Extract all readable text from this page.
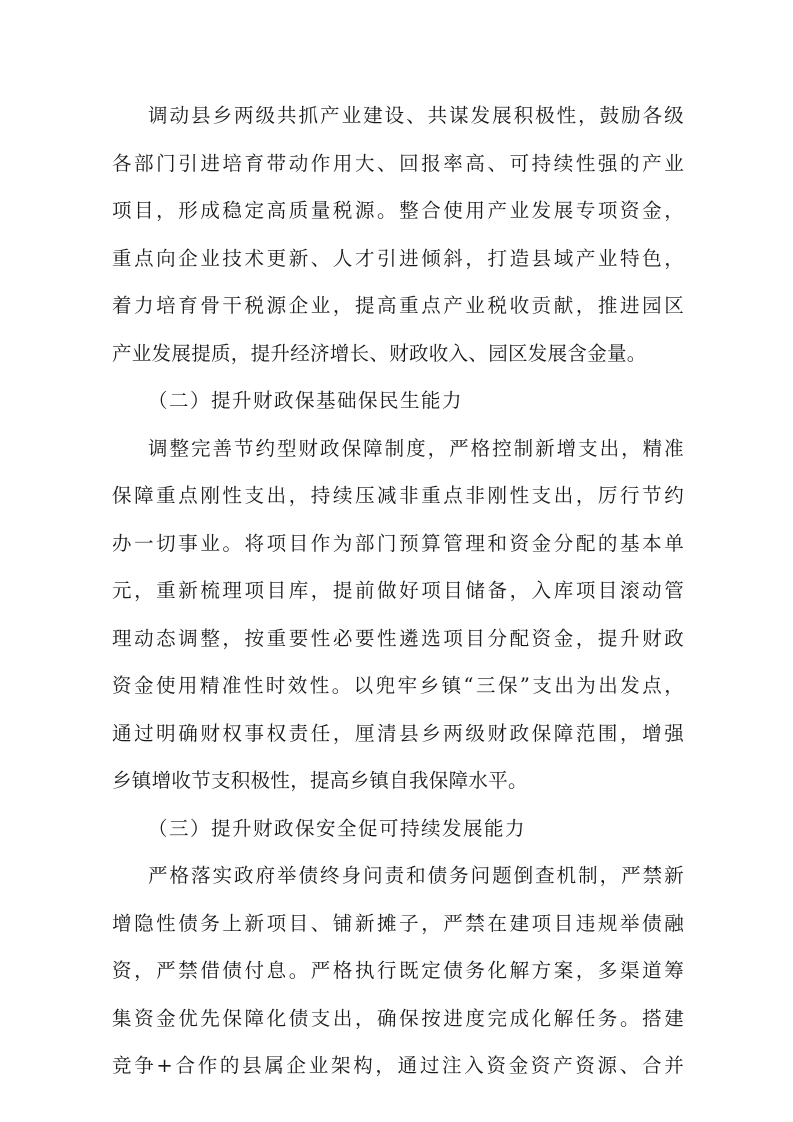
调动县乡两级共抓产业建设、共谋发展积极性，鼓励各级
各部门引进培育带动作用大、回报率高、可持续性强的产业
项目，形成稳定高质量税源。整合使用产业发展专项资金，
重点向企业技术更新、人才引进倾斜，打造县域产业特色，
着力培育骨干税源企业，提高重点产业税收贡献，推进园区
产业发展提质，提升经济增长、财政收入、园区发展含金量。
（二）提升财政保基础保民生能力
调整完善节约型财政保障制度，严格控制新增支出，精准
保障重点刚性支出，持续压减非重点非刚性支出，厉行节约
办一切事业。将项目作为部门预算管理和资金分配的基本单
元，重新梳理项目库，提前做好项目储备，入库项目滚动管
理动态调整，按重要性必要性遴选项目分配资金，提升财政
资金使用精准性时效性。以兜牢乡镇“三保”支出为出发点，
通过明确财权事权责任，厘清县乡两级财政保障范围，增强
乡镇增收节支积极性，提高乡镇自我保障水平。
（三）提升财政保安全促可持续发展能力
严格落实政府举债终身问责和债务问题倒查机制，严禁新
增隐性债务上新项目、铺新摊子，严禁在建项目违规举债融
资，严禁借债付息。严格执行既定债务化解方案，多渠道筹
集资金优先保障化债支出，确保按进度完成化解任务。搭建
竞争+合作的县属企业架构，通过注入资金资产资源、合并
